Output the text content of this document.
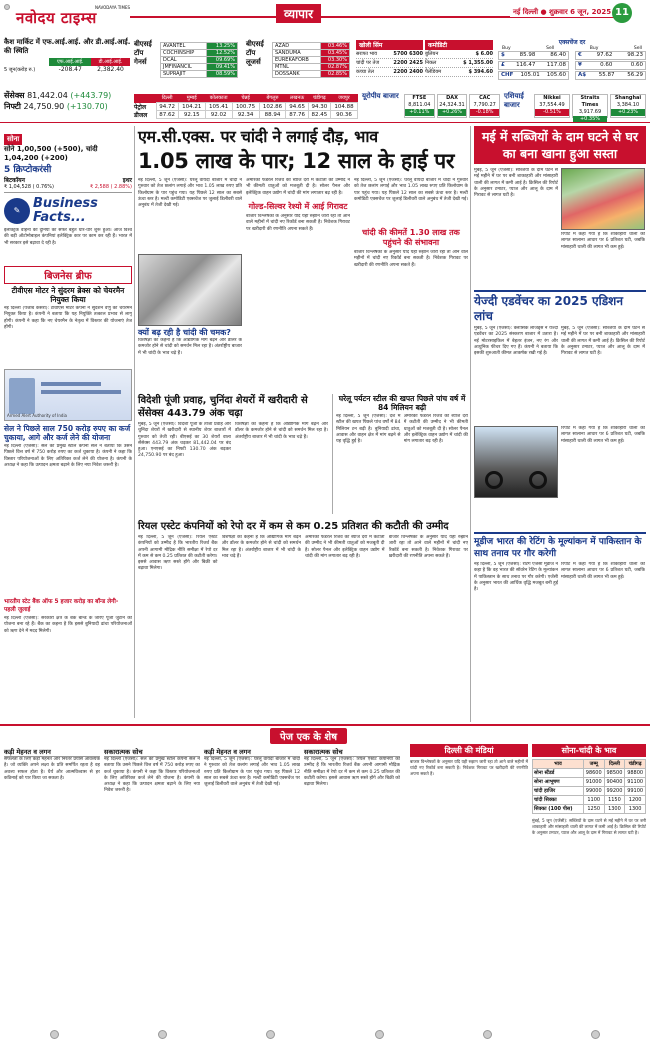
नवोदय टाइम्स
NAVODAYA TIMES	व्यापार	नई दिल्ली ● शुक्रवार 6 जून, 2025 11
कैश मार्किट में एफ.आई.आई. और डी.आई.आई. की स्थिति
	एफ.आई.आई.	डी.आई.आई.
5 जून(करोड़ रु.)	-208.47	2,382.40
बीएसई टॉप गेनर्स
AVANTEL	13.25%
COCHINSHIP	12.52%
DCAL	09.69%
JMFINANCIL	09.41%
SUPRAJIT	08.59%
बीएसई टॉप लूजर्स
AZAD	03.46%
SANDUMA	03.45%
EUREKAFORB	03.30%
MTNL	02.87%
DOSSANK	02.85%
खोली सिंम
सराफा भाव	5700 6300
चांदी पर तेज	2200 2425
कच्चा तेल	2200 2400
कमोडिटी
बुलियन	$ 6.00
निकल	$ 1,355.00
पैलेडियम	$ 394.60
एक्सचेंज दर
Buy	Sell	Buy	Sell
$	85.98	86.40 €	97.62	98.23
£ 116.47 117.08 ¥	0.60	0.60
CHF 105.01 105.60 A$ 55.87 56.29
सेंसेक्स 81,442.04 (+443.79)
निफ्टी 24,750.90 (+130.70)
	दिल्ली	मुम्बई	कोलकाता	चेन्नई	बेंगलुरु	लखनऊ	चंडीगढ़	जयपुर
पेट्रोल	94.72	104.21	105.41	100.75	102.86	94.65	94.30	104.88
डीजल	87.62	92.15	92.02	92.34	88.94	87.76	82.45	90.36
यूरोपीय बाजार	FTSE
8,811.04
+0.11%
DAX
24,324.31
+0.26%
CAC
7,790.27
-0.18%
एशियाई बाजार
Nikkei
37,554.49
-0.51%
Straits Times
3,917.69
+0.35%
Shanghai
3,384.10
+0.23%
सोना
सोने 1,00,500 (+500), चांदी 1,04,200 (+200)
5 क्रिप्टोकरंसी
बिटकॉयन	इथर
₹ 1,04,528 ( 0.76%)	₹ 2,588 ( 2.88%)
✎ Business Facts...
इलेक्ट्रिक वाहनों की दुनिया का सफर बहुत धीरे-धीरे शुरू हुआ। आज विश्व की बड़ी ऑटोमोबाइल कंपनियां इलेक्ट्रिक कार पर काम कर रही हैं। भारत में भी सरकार इसे बढ़ावा दे रही है।
बिजनेस ब्रीफ
टीवीएस मोटर ने सुंदरम ब्रेक्स को चेयरमैन नियुक्त किया
नई दिल्ली (पंजाब केसरी): टीवीएस मोटर कंपनी ने सुदर्शन वेणु को चेयरमैन नियुक्त किया है। कंपनी ने बताया कि यह नियुक्ति तत्काल प्रभाव से लागू होगी। कंपनी ने कहा कि नए चेयरमैन के नेतृत्व में विस्तार की योजनाएं तेज होंगी।
Armed Alert Authority of India
सेल ने पिछले साल 750 करोड़ रुपए का कर्ज चुकाया, आगे और कर्ज लेने की योजना
नई दिल्ली (एजेंसी): सेल की प्रमुख स्टील कंपनी सेल ने बताया कि उसने पिछले वित्त वर्ष में 750 करोड़ रुपए का कर्ज चुकाया है। कंपनी ने कहा कि विस्तार परियोजनाओं के लिए अतिरिक्त कर्ज लेने की योजना है। कंपनी के अध्यक्ष ने कहा कि उत्पादन क्षमता बढ़ाने के लिए नया निवेश जरूरी है।
भारतीय स्टेट बैंक ऑफ 5 हजार करोड़ का बॉन्ड लेगी- पहली जुलाई
नई दिल्ली (एजेंसी): सरकारी क्षेत्र के बैंक बॉन्ड के जरिए पूंजी जुटाने की योजना बना रहे हैं। बैंक का कहना है कि इससे बुनियादी ढांचा परियोजनाओं को ऋण देने में मदद मिलेगी।
एम.सी.एक्स. पर चांदी ने लगाई दौड़, भाव
1.05 लाख के पार; 12 साल के हाई पर
नई दिल्ली, 5 जून (एजेंसी): घरेलू वायदा बाजार में चांदी ने गुरुवार को तेज छलांग लगाई और भाव 1.05 लाख रुपए प्रति किलोग्राम के पार पहुंच गया। यह पिछले 12 साल का सबसे ऊंचा स्तर है। मल्टी कमोडिटी एक्सचेंज पर जुलाई डिलीवरी वाले अनुबंध में तेजी देखी गई।
क्यों बढ़ रही है चांदी की चमक?
विशेषज्ञों का कहना है कि औद्योगिक मांग बढ़ने और डॉलर के कमजोर होने से चांदी को समर्थन मिल रहा है। अंतर्राष्ट्रीय बाजार में भी चांदी के भाव चढ़े हैं।
अमेरिकी फेडरल रिजर्व की ब्याज दरों में कटौती की उम्मीद ने भी कीमती धातुओं को मजबूती दी है। सोलर पैनल और इलेक्ट्रिक वाहन उद्योग में चांदी की मांग लगातार बढ़ रही है।
गोल्ड-सिल्वर रेश्यो में आई गिरावट
बाजार विश्लेषकों के अनुसार यदि यही रुझान जारी रहा तो आने वाले महीनों में चांदी नए रिकॉर्ड बना सकती है। निवेशक गिरावट पर खरीदारी की रणनीति अपना सकते हैं।
नई दिल्ली, 5 जून (एजेंसी): घरेलू वायदा बाजार में चांदी ने गुरुवार को तेज छलांग लगाई और भाव 1.05 लाख रुपए प्रति किलोग्राम के पार पहुंच गया। यह पिछले 12 साल का सबसे ऊंचा स्तर है। मल्टी कमोडिटी एक्सचेंज पर जुलाई डिलीवरी वाले अनुबंध में तेजी देखी गई।
चांदी की कीमतें 1.30 लाख तक पहुंचने की संभावना
बाजार विश्लेषकों के अनुसार यदि यही रुझान जारी रहा तो आने वाले महीनों में चांदी नए रिकॉर्ड बना सकती है। निवेशक गिरावट पर खरीदारी की रणनीति अपना सकते हैं।
विदेशी पूंजी प्रवाह, चुनिंदा शेयरों में खरीदारी से सेंसेक्स 443.79 अंक चढ़ा
मुंबई, 5 जून (एजेंसी): विदेशी पूंजी के ताजा प्रवाह और चुनिंदा शेयरों में खरीदारी से स्थानीय शेयर बाजारों में गुरुवार को तेजी रही। बीएसई का 30 शेयरों वाला सेंसेक्स 443.79 अंक चढ़कर 81,442.04 पर बंद हुआ। एनएसई का निफ्टी 130.70 अंक बढ़कर 24,750.90 पर बंद हुआ।
विशेषज्ञों का कहना है कि औद्योगिक मांग बढ़ने और डॉलर के कमजोर होने से चांदी को समर्थन मिल रहा है। अंतर्राष्ट्रीय बाजार में भी चांदी के भाव चढ़े हैं।
घरेलू पर्यटन स्टील की खपत पिछले पांच वर्ष में 84 मिलियन बढ़ी
नई दिल्ली, 5 जून (एजेंसी): देश में स्टील की खपत पिछले पांच वर्षों में 84 मिलियन टन बढ़ी है। बुनियादी ढांचा, आवास और वाहन क्षेत्र में मांग बढ़ने से यह वृद्धि हुई है।
अमेरिकी फेडरल रिजर्व की ब्याज दरों में कटौती की उम्मीद ने भी कीमती धातुओं को मजबूती दी है। सोलर पैनल और इलेक्ट्रिक वाहन उद्योग में चांदी की मांग लगातार बढ़ रही है।
रियल एस्टेट कंपनियों को रेपो दर में कम से कम 0.25 प्रतिशत की कटौती की उम्मीद
नई दिल्ली, 5 जून (एजेंसी): रियल एस्टेट कंपनियों को उम्मीद है कि भारतीय रिजर्व बैंक अपनी आगामी मौद्रिक नीति समीक्षा में रेपो दर में कम से कम 0.25 प्रतिशत की कटौती करेगा। इससे आवास ऋण सस्ते होंगे और बिक्री को बढ़ावा मिलेगा।
विशेषज्ञों का कहना है कि औद्योगिक मांग बढ़ने और डॉलर के कमजोर होने से चांदी को समर्थन मिल रहा है। अंतर्राष्ट्रीय बाजार में भी चांदी के भाव चढ़े हैं।
अमेरिकी फेडरल रिजर्व की ब्याज दरों में कटौती की उम्मीद ने भी कीमती धातुओं को मजबूती दी है। सोलर पैनल और इलेक्ट्रिक वाहन उद्योग में चांदी की मांग लगातार बढ़ रही है।
बाजार विश्लेषकों के अनुसार यदि यही रुझान जारी रहा तो आने वाले महीनों में चांदी नए रिकॉर्ड बना सकती है। निवेशक गिरावट पर खरीदारी की रणनीति अपना सकते हैं।
मई में सब्जियों के दाम घटने से घर का बना खाना हुआ सस्ता
मुंबई, 5 जून (एजेंसी): सब्जियों के दाम घटने से मई महीने में घर पर बनी शाकाहारी और मांसाहारी थाली की लागत में कमी आई है। क्रिसिल की रिपोर्ट के अनुसार टमाटर, प्याज और आलू के दाम में गिरावट से लागत घटी है।
रिपोर्ट में कहा गया है कि शाकाहारी थाली की लागत सालाना आधार पर 6 प्रतिशत घटी, जबकि मांसाहारी थाली की लागत भी कम हुई।
येज्दी एडवेंचर का 2025 एडिशन लांच
मुंबई, 5 जून (एजेंसी): क्लासिक लीजेंड्स ने येज्दी एडवेंचर का 2025 संस्करण बाजार में उतारा है। नई मोटरसाइकिल में बेहतर इंजन, नए रंग और आधुनिक फीचर दिए गए हैं। कंपनी ने बताया कि इसकी शुरुआती कीमत आकर्षक रखी गई है।
मुंबई, 5 जून (एजेंसी): सब्जियों के दाम घटने से मई महीने में घर पर बनी शाकाहारी और मांसाहारी थाली की लागत में कमी आई है। क्रिसिल की रिपोर्ट के अनुसार टमाटर, प्याज और आलू के दाम में गिरावट से लागत घटी है।
रिपोर्ट में कहा गया है कि शाकाहारी थाली की लागत सालाना आधार पर 6 प्रतिशत घटी, जबकि मांसाहारी थाली की लागत भी कम हुई।
मूडीज भारत की रेटिंग के मूल्यांकन में पाकिस्तान के साथ तनाव पर गौर करेगी
नई दिल्ली, 5 जून (एजेंसी): रेटिंग एजेंसी मूडीज ने कहा है कि वह भारत की सॉवरेन रेटिंग के मूल्यांकन में पाकिस्तान के साथ तनाव पर गौर करेगी। एजेंसी के अनुसार भारत की आर्थिक वृद्धि मजबूत बनी हुई है।
रिपोर्ट में कहा गया है कि शाकाहारी थाली की लागत सालाना आधार पर 6 प्रतिशत घटी, जबकि मांसाहारी थाली की लागत भी कम हुई।
पेज एक के शेष
कड़ी मेहनत व लगन
सफलता के लिए कड़ी मेहनत और निरंतर प्रयास आवश्यक है। जो व्यक्ति अपने लक्ष्य के प्रति समर्पित रहता है वह अवश्य सफल होता है। धैर्य और आत्मविश्वास से हर कठिनाई को पार किया जा सकता है।
सकारात्मक सोच
नई दिल्ली (एजेंसी): सेल की प्रमुख स्टील कंपनी सेल ने बताया कि उसने पिछले वित्त वर्ष में 750 करोड़ रुपए का कर्ज चुकाया है। कंपनी ने कहा कि विस्तार परियोजनाओं के लिए अतिरिक्त कर्ज लेने की योजना है। कंपनी के अध्यक्ष ने कहा कि उत्पादन क्षमता बढ़ाने के लिए नया निवेश जरूरी है।
कड़ी मेहनत व लगन
नई दिल्ली, 5 जून (एजेंसी): घरेलू वायदा बाजार में चांदी ने गुरुवार को तेज छलांग लगाई और भाव 1.05 लाख रुपए प्रति किलोग्राम के पार पहुंच गया। यह पिछले 12 साल का सबसे ऊंचा स्तर है। मल्टी कमोडिटी एक्सचेंज पर जुलाई डिलीवरी वाले अनुबंध में तेजी देखी गई।
सकारात्मक सोच
नई दिल्ली, 5 जून (एजेंसी): रियल एस्टेट कंपनियों को उम्मीद है कि भारतीय रिजर्व बैंक अपनी आगामी मौद्रिक नीति समीक्षा में रेपो दर में कम से कम 0.25 प्रतिशत की कटौती करेगा। इससे आवास ऋण सस्ते होंगे और बिक्री को बढ़ावा मिलेगा।
दिल्ली की मंडियां
बाजार विश्लेषकों के अनुसार यदि यही रुझान जारी रहा तो आने वाले महीनों में चांदी नए रिकॉर्ड बना सकती है। निवेशक गिरावट पर खरीदारी की रणनीति अपना सकते हैं।
सोना-चांदी के भाव
भाव	जम्मू	दिल्ली	चंडीगढ़
सोना स्टैंडर्ड	98600	98500	98800
सोना आभूषण	91000	90400	91100
चांदी हाजिर	99000	99200	99100
चांदी सिक्का	1100	1150	1200
सिक्का (100 पीस)	1250	1300	1300
मुंबई, 5 जून (एजेंसी): सब्जियों के दाम घटने से मई महीने में घर पर बनी शाकाहारी और मांसाहारी थाली की लागत में कमी आई है। क्रिसिल की रिपोर्ट के अनुसार टमाटर, प्याज और आलू के दाम में गिरावट से लागत घटी है।
